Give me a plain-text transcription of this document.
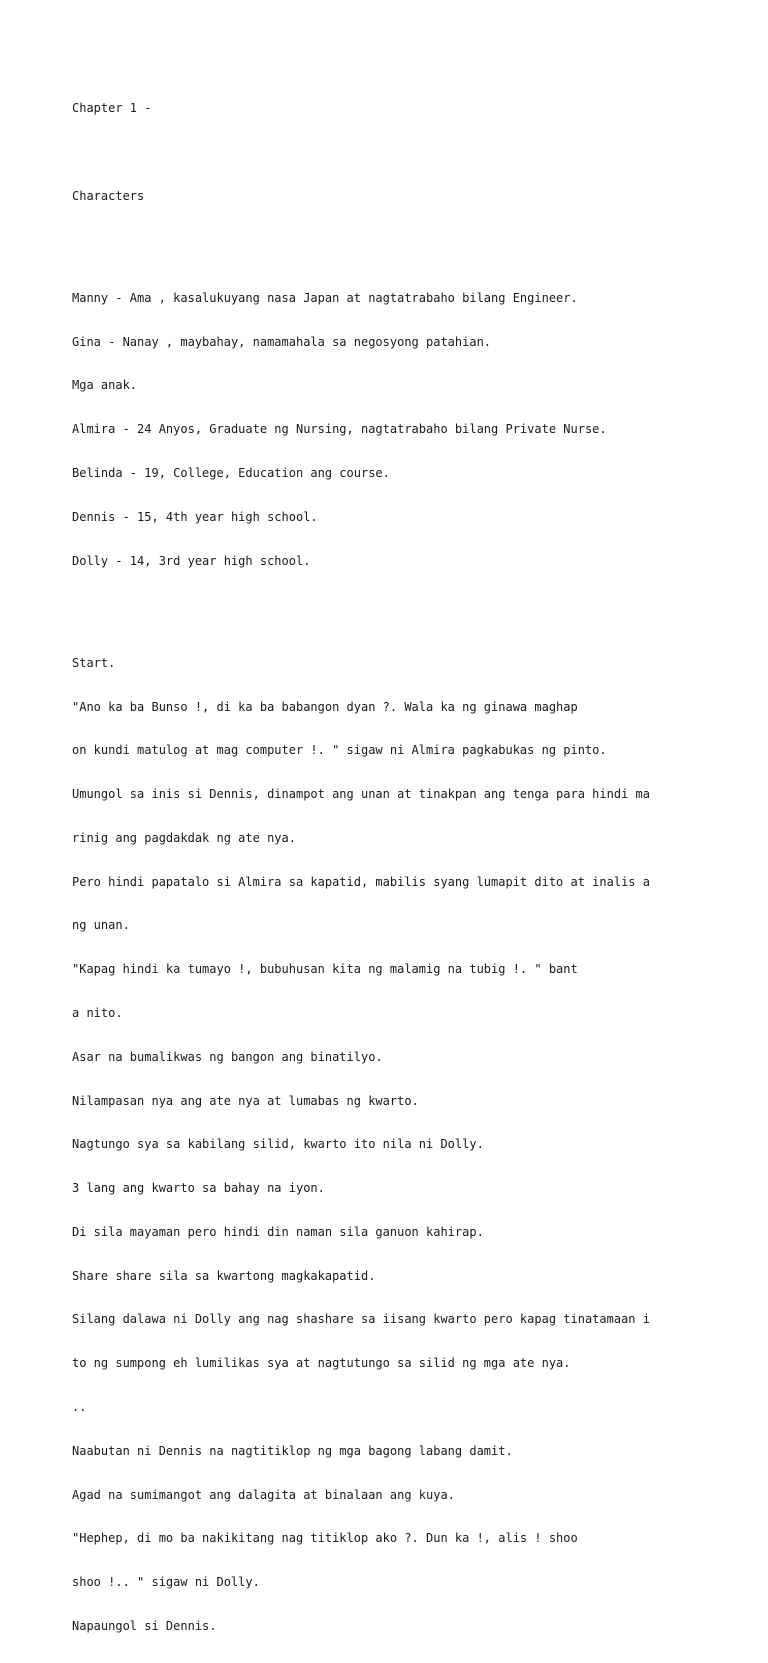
Chapter 1 -

Characters

Manny - Ama , kasalukuyang nasa Japan at nagtatrabaho bilang Engineer.

Gina - Nanay , maybahay, namamahala sa negosyong patahian.

Mga anak.

Almira - 24 Anyos, Graduate ng Nursing, nagtatrabaho bilang Private Nurse.

Belinda - 19, College, Education ang course.

Dennis - 15, 4th year high school.

Dolly - 14, 3rd year high school.

Start.

"Ano ka ba Bunso !, di ka ba babangon dyan ?. Wala ka ng ginawa maghap

on kundi matulog at mag computer !. " sigaw ni Almira pagkabukas ng pinto.

Umungol sa inis si Dennis, dinampot ang unan at tinakpan ang tenga para hindi ma

rinig ang pagdakdak ng ate nya.

Pero hindi papatalo si Almira sa kapatid, mabilis syang lumapit dito at inalis a

ng unan.

"Kapag hindi ka tumayo !, bubuhusan kita ng malamig na tubig !. " bant

a nito.

Asar na bumalikwas ng bangon ang binatilyo.

Nilampasan nya ang ate nya at lumabas ng kwarto.

Nagtungo sya sa kabilang silid, kwarto ito nila ni Dolly.

3 lang ang kwarto sa bahay na iyon.

Di sila mayaman pero hindi din naman sila ganuon kahirap.

Share share sila sa kwartong magkakapatid.

Silang dalawa ni Dolly ang nag shashare sa iisang kwarto pero kapag tinatamaan i

to ng sumpong eh lumilikas sya at nagtutungo sa silid ng mga ate nya.

..

Naabutan ni Dennis na nagtitiklop ng mga bagong labang damit.

Agad na sumimangot ang dalagita at binalaan ang kuya.

"Hephep, di mo ba nakikitang nag titiklop ako ?. Dun ka !, alis ! shoo

shoo !.. " sigaw ni Dolly.

Napaungol si Dennis.
